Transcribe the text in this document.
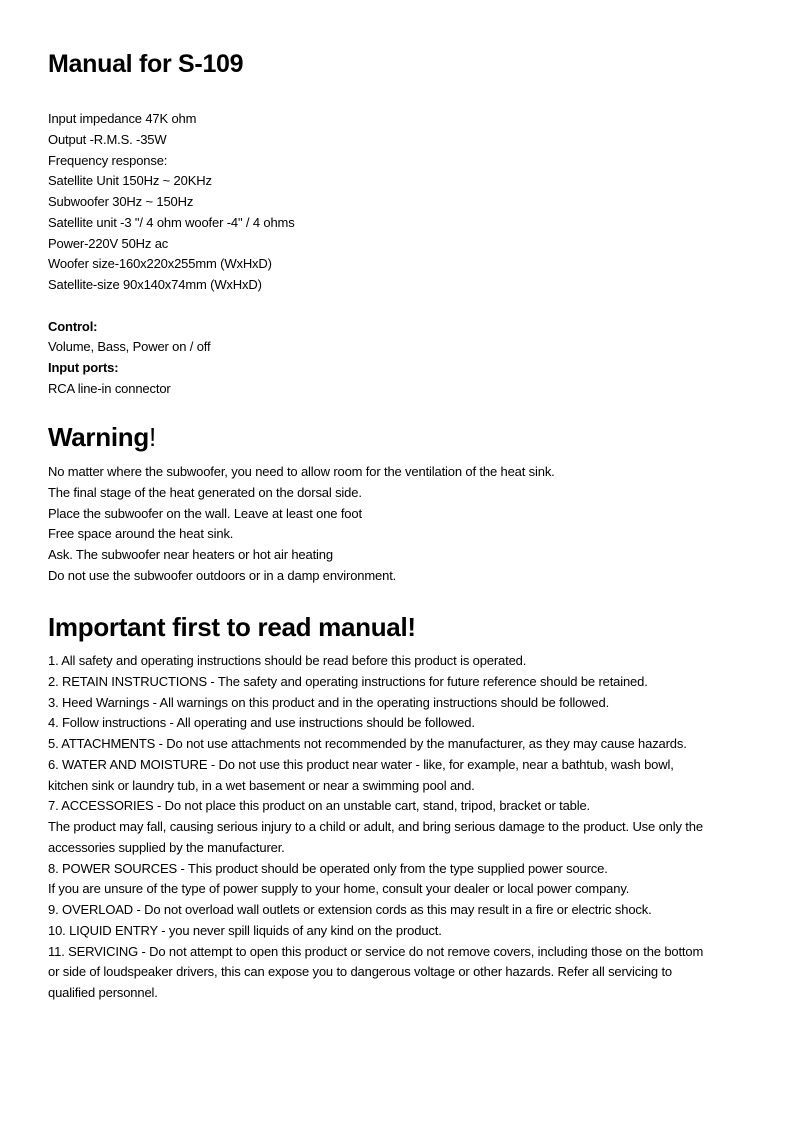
Manual for S-109
Input impedance 47K ohm
Output -R.M.S. -35W
Frequency response:
Satellite Unit 150Hz ~ 20KHz
Subwoofer 30Hz ~ 150Hz
Satellite unit -3 "/ 4 ohm woofer -4" / 4 ohms
Power-220V 50Hz ac
Woofer size-160x220x255mm (WxHxD)
Satellite-size 90x140x74mm (WxHxD)
Control:
Volume, Bass, Power on / off
Input ports:
RCA line-in connector
Warning!
No matter where the subwoofer, you need to allow room for the ventilation of the heat sink.
The final stage of the heat generated on the dorsal side.
Place the subwoofer on the wall. Leave at least one foot
Free space around the heat sink.
Ask. The subwoofer near heaters or hot air heating
Do not use the subwoofer outdoors or in a damp environment.
Important first to read manual!
1. All safety and operating instructions should be read before this product is operated.
2. RETAIN INSTRUCTIONS - The safety and operating instructions for future reference should be retained.
3. Heed Warnings - All warnings on this product and in the operating instructions should be followed.
4. Follow instructions - All operating and use instructions should be followed.
5. ATTACHMENTS - Do not use attachments not recommended by the manufacturer, as they may cause hazards.
6. WATER AND MOISTURE - Do not use this product near water - like, for example, near a bathtub, wash bowl,
kitchen sink or laundry tub, in a wet basement or near a swimming pool and.
7. ACCESSORIES - Do not place this product on an unstable cart, stand, tripod, bracket or table.
The product may fall, causing serious injury to a child or adult, and bring serious damage to the product. Use only the
accessories supplied by the manufacturer.
8. POWER SOURCES - This product should be operated only from the type supplied power source.
If you are unsure of the type of power supply to your home, consult your dealer or local power company.
9. OVERLOAD - Do not overload wall outlets or extension cords as this may result in a fire or electric shock.
10. LIQUID ENTRY - you never spill liquids of any kind on the product.
11. SERVICING - Do not attempt to open this product or service do not remove covers, including those on the bottom
or side of loudspeaker drivers, this can expose you to dangerous voltage or other hazards. Refer all servicing to
qualified personnel.
